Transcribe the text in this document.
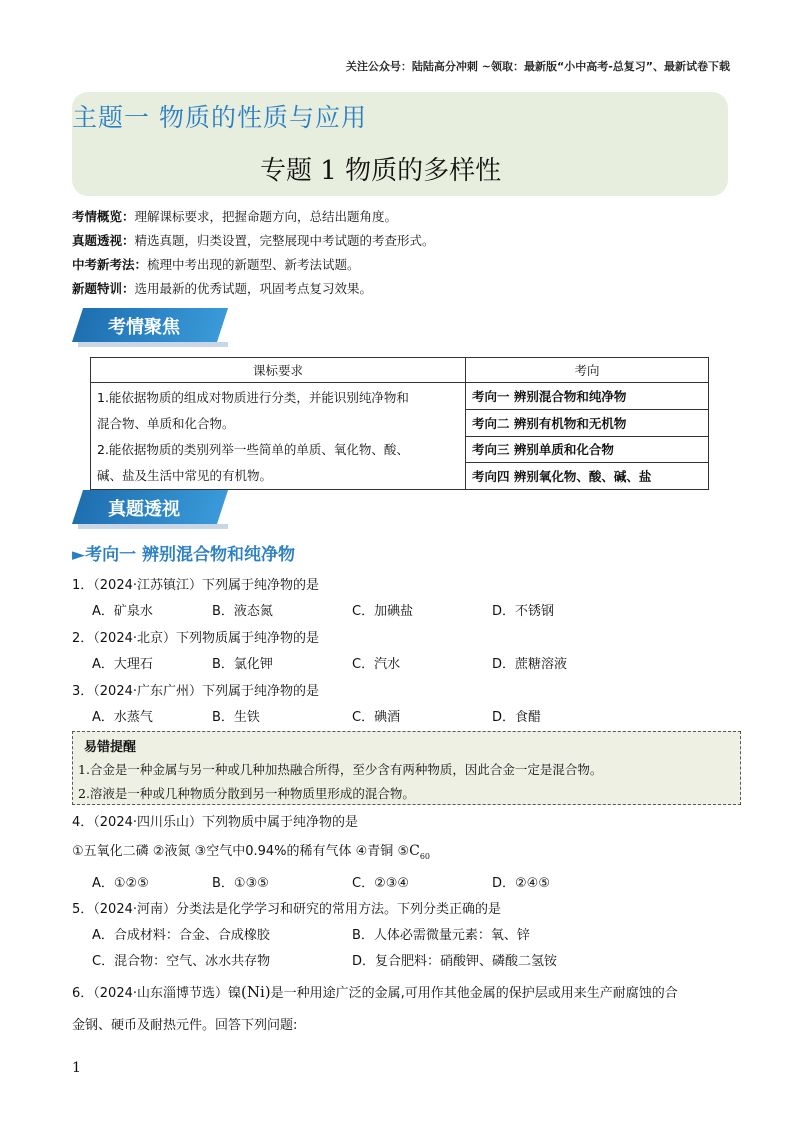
关注公众号：陆陆高分冲刺 ~领取：最新版“小中高考-总复习”、最新试卷下载
主题一 物质的性质与应用
专题 1 物质的多样性
考情概览：理解课标要求，把握命题方向，总结出题角度。
真题透视：精选真题，归类设置，完整展现中考试题的考查形式。
中考新考法：梳理中考出现的新题型、新考法试题。
新题特训：选用最新的优秀试题，巩固考点复习效果。
考情聚焦
课标要求	考向

1.能依据物质的组成对物质进行分类，并能识别纯净物和
混合物、单质和化合物。
2.能依据物质的类别列举一些简单的单质、氧化物、酸、
碱、盐及生活中常见的有机物。	考向一 辨别混合物和纯净物
	考向二 辨别有机物和无机物
	考向三 辨别单质和化合物
	考向四 辨别氧化物、酸、碱、盐
真题透视
►考向一 辨别混合物和纯净物
1．（2024·江苏镇江）下列属于纯净物的是
A．矿泉水	B．液态氮	C．加碘盐	D．不锈钢
2．（2024·北京）下列物质属于纯净物的是
A．大理石	B．氯化钾	C．汽水	D．蔗糖溶液
3．（2024·广东广州）下列属于纯净物的是
A．水蒸气	B．生铁	C．碘酒	D．食醋
易错提醒
1.合金是一种金属与另一种或几种加热融合所得，至少含有两种物质，因此合金一定是混合物。
2.溶液是一种或几种物质分散到另一种物质里形成的混合物。
4．（2024·四川乐山）下列物质中属于纯净物的是
①五氧化二磷 ②液氮 ③空气中0.94%的稀有气体 ④青铜 $⑤C_{60}$
A．①②⑤	B．①③⑤	C．②③④	D．②④⑤
5．（2024·河南）分类法是化学学习和研究的常用方法。下列分类正确的是
A．合成材料：合金、合成橡胶	B．人体必需微量元素：氧、锌
C．混合物：空气、冰水共存物	D．复合肥料：硝酸钾、磷酸二氢铵
6．（2024·山东淄博节选）镍(Ni)是一种用途广泛的金属,可用作其他金属的保护层或用来生产耐腐蚀的合
金钢、硬币及耐热元件。回答下列问题:
1
